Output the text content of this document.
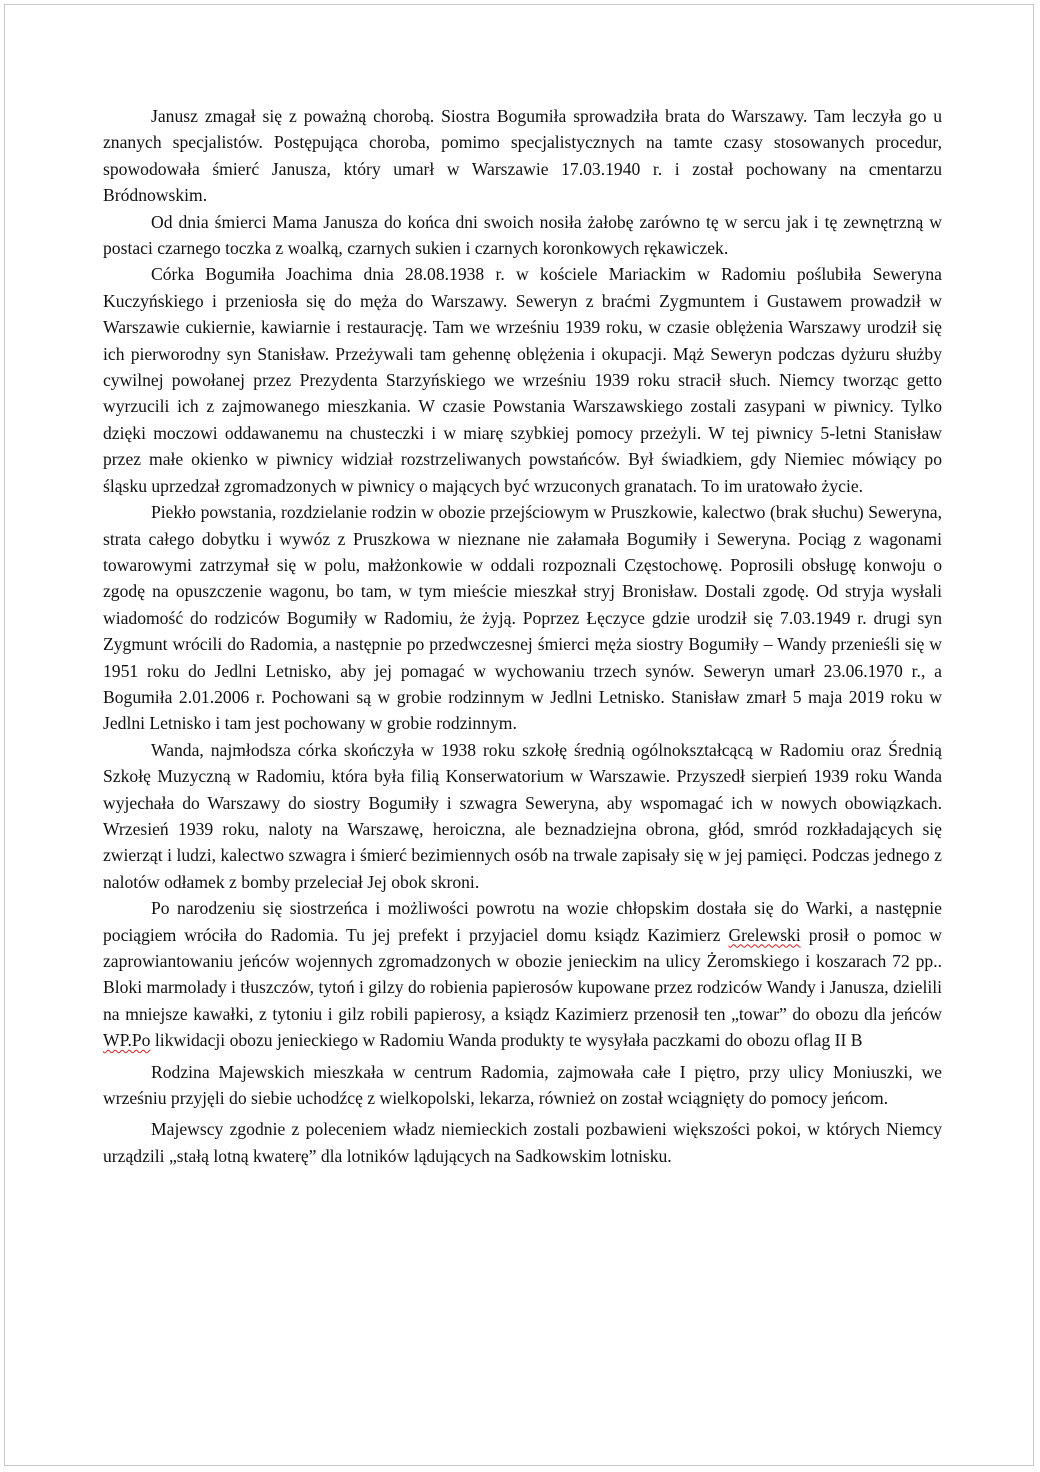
Janusz zmagał się z poważną chorobą. Siostra Bogumiła sprowadziła brata do Warszawy. Tam leczyła go u znanych specjalistów. Postępująca choroba, pomimo specjalistycznych na tamte czasy stosowanych procedur, spowodowała śmierć Janusza, który umarł w Warszawie 17.03.1940 r. i został pochowany na cmentarzu Bródnowskim.

Od dnia śmierci Mama Janusza do końca dni swoich nosiła żałobę zarówno tę w sercu jak i tę zewnętrzną w postaci czarnego toczka z woalką, czarnych sukien i czarnych koronkowych rękawiczek.

Córka Bogumiła Joachima dnia 28.08.1938 r. w kościele Mariackim w Radomiu poślubiła Seweryna Kuczyńskiego i przeniosła się do męża do Warszawy. Seweryn z braćmi Zygmuntem i Gustawem prowadził w Warszawie cukiernie, kawiarnie i restaurację. Tam we wrześniu 1939 roku, w czasie oblężenia Warszawy urodził się ich pierworodny syn Stanisław. Przeżywali tam gehennę oblężenia i okupacji. Mąż Seweryn podczas dyżuru służby cywilnej powołanej przez Prezydenta Starzyńskiego we wrześniu 1939 roku stracił słuch. Niemcy tworząc getto wyrzucili ich z zajmowanego mieszkania. W czasie Powstania Warszawskiego zostali zasypani w piwnicy. Tylko dzięki moczowi oddawanemu na chusteczki i w miarę szybkiej pomocy przeżyli. W tej piwnicy 5-letni Stanisław przez małe okienko w piwnicy widział rozstrzeliwanych powstańców. Był świadkiem, gdy Niemiec mówiący po śląsku uprzedzał zgromadzonych w piwnicy o mających być wrzuconych granatach. To im uratowało życie.

Piekło powstania, rozdzielanie rodzin w obozie przejściowym w Pruszkowie, kalectwo (brak słuchu) Seweryna, strata całego dobytku i wywóz z Pruszkowa w nieznane nie załamała Bogumiły i Seweryna. Pociąg z wagonami towarowymi zatrzymał się w polu, małżonkowie w oddali rozpoznali Częstochowę. Poprosili obsługę konwoju o zgodę na opuszczenie wagonu, bo tam, w tym mieście mieszkał stryj Bronisław. Dostali zgodę. Od stryja wysłali wiadomość do rodziców Bogumiły w Radomiu, że żyją. Poprzez Łęczyce gdzie urodził się 7.03.1949 r. drugi syn Zygmunt wrócili do Radomia, a następnie po przedwczesnej śmierci męża siostry Bogumiły – Wandy przenieśli się w 1951 roku do Jedlni Letnisko, aby jej pomagać w wychowaniu trzech synów. Seweryn umarł 23.06.1970 r., a Bogumiła 2.01.2006 r. Pochowani są w grobie rodzinnym w Jedlni Letnisko. Stanisław zmarł 5 maja 2019 roku w Jedlni Letnisko i tam jest pochowany w grobie rodzinnym.

Wanda, najmłodsza córka skończyła w 1938 roku szkołę średnią ogólnokształcącą w Radomiu oraz Średnią Szkołę Muzyczną w Radomiu, która była filią Konserwatorium w Warszawie. Przyszedł sierpień 1939 roku Wanda wyjechała do Warszawy do siostry Bogumiły i szwagra Seweryna, aby wspomagać ich w nowych obowiązkach. Wrzesień 1939 roku, naloty na Warszawę, heroiczna, ale beznadziejna obrona, głód, smród rozkładających się zwierząt i ludzi, kalectwo szwagra i śmierć bezimiennych osób na trwale zapisały się w jej pamięci. Podczas jednego z nalotów odłamek z bomby przeleciał Jej obok skroni.

Po narodzeniu się siostrzeńca i możliwości powrotu na wozie chłopskim dostała się do Warki, a następnie pociągiem wróciła do Radomia. Tu jej prefekt i przyjaciel domu ksiądz Kazimierz Grelewski prosił o pomoc w zaprowiantowaniu jeńców wojennych zgromadzonych w obozie jenieckim na ulicy Żeromskiego i koszarach 72 pp.. Bloki marmolady i tłuszczów, tytoń i gilzy do robienia papierosów kupowane przez rodziców Wandy i Janusza, dzielili na mniejsze kawałki, z tytoniu i gilz robili papierosy, a ksiądz Kazimierz przenosił ten „towar” do obozu dla jeńców WP.Po likwidacji obozu jenieckiego w Radomiu Wanda produkty te wysyłała paczkami do obozu oflag II B

Rodzina Majewskich mieszkała w centrum Radomia, zajmowała całe I piętro, przy ulicy Moniuszki, we wrześniu przyjęli do siebie uchodźcę z wielkopolski, lekarza, również on został wciągnięty do pomocy jeńcom.

Majewscy zgodnie z poleceniem władz niemieckich zostali pozbawieni większości pokoi, w których Niemcy urządzili „stałą lotną kwaterę” dla lotników lądujących na Sadkowskim lotnisku.
